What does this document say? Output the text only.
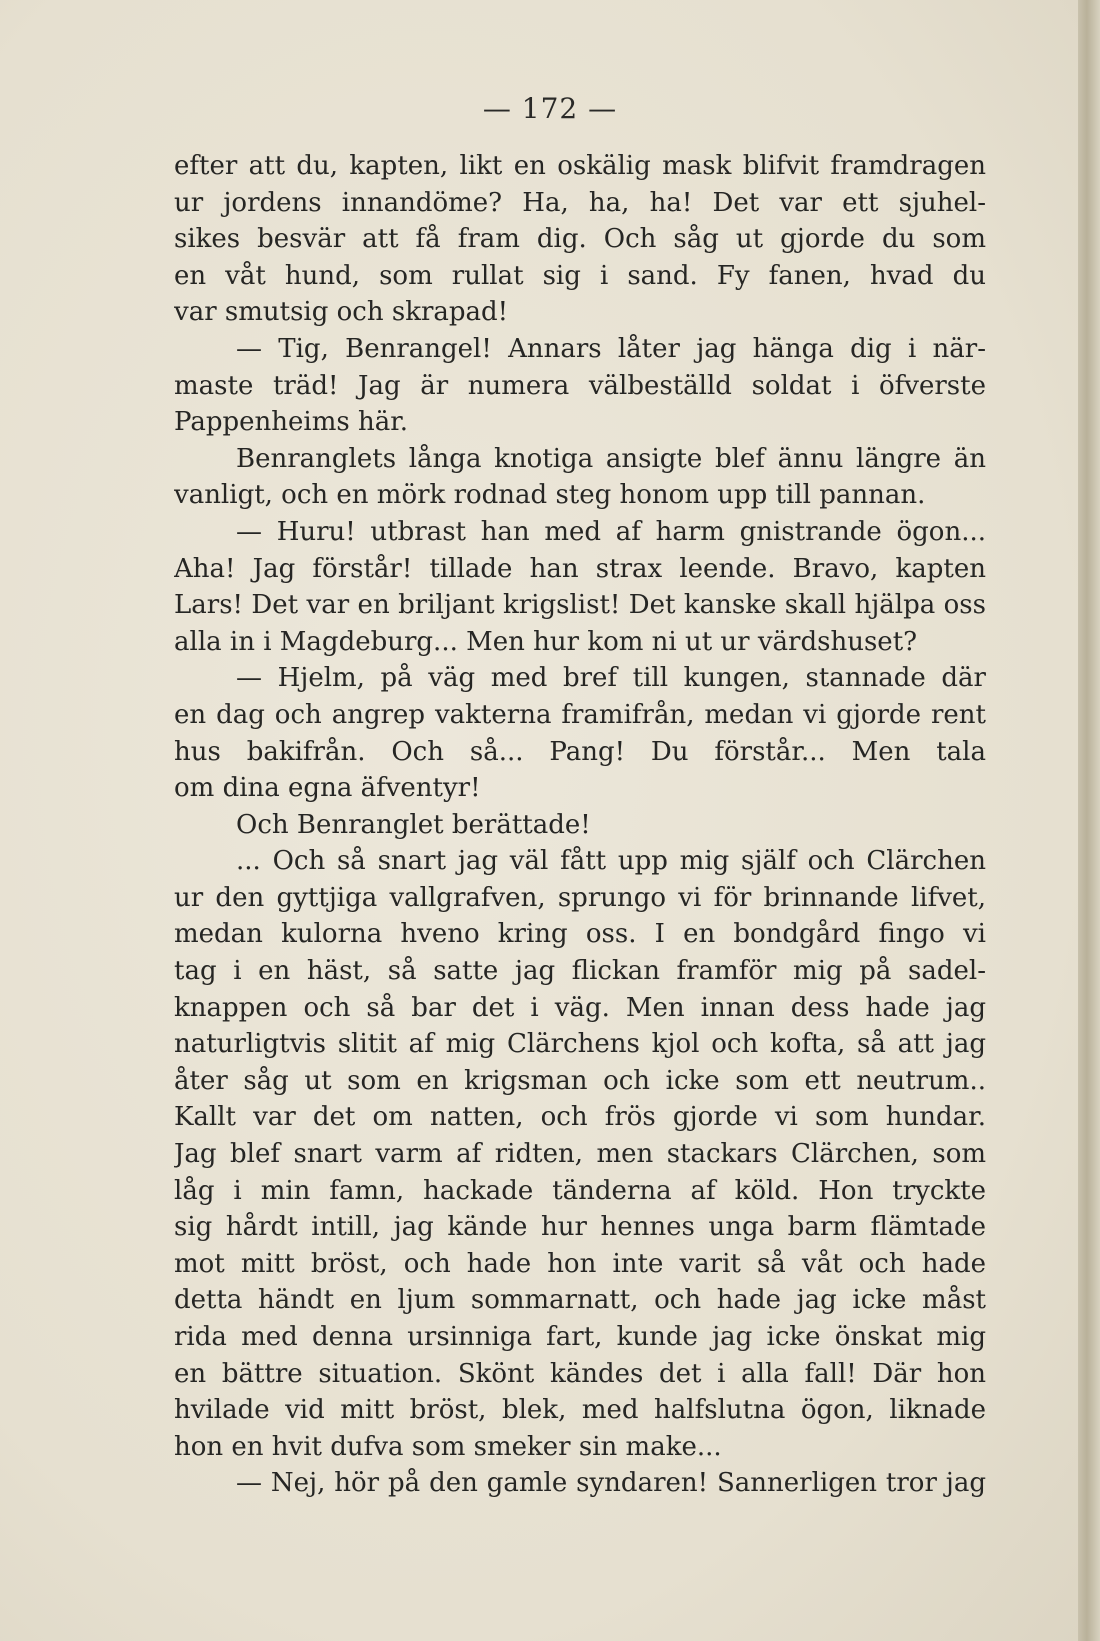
— 172 —
efter att du, kapten, likt en oskälig mask blifvit framdragen
ur jordens innandöme? Ha, ha, ha! Det var ett sjuhel-
sikes besvär att få fram dig. Och såg ut gjorde du som
en våt hund, som rullat sig i sand. Fy fanen, hvad du
var smutsig och skrapad!
— Tig, Benrangel! Annars låter jag hänga dig i när-
maste träd! Jag är numera välbeställd soldat i öfverste
Pappenheims här.
Benranglets långa knotiga ansigte blef ännu längre än
vanligt, och en mörk rodnad steg honom upp till pannan.
— Huru! utbrast han med af harm gnistrande ögon...
Aha! Jag förstår! tillade han strax leende. Bravo, kapten
Lars! Det var en briljant krigslist! Det kanske skall hjälpa oss
alla in i Magdeburg... Men hur kom ni ut ur värdshuset?
— Hjelm, på väg med bref till kungen, stannade där
en dag och angrep vakterna framifrån, medan vi gjorde rent
hus bakifrån. Och så... Pang! Du förstår... Men tala
om dina egna äfventyr!
Och Benranglet berättade!
... Och så snart jag väl fått upp mig själf och Clärchen
ur den gyttjiga vallgrafven, sprungo vi för brinnande lifvet,
medan kulorna hveno kring oss. I en bondgård fingo vi
tag i en häst, så satte jag flickan framför mig på sadel-
knappen och så bar det i väg. Men innan dess hade jag
naturligtvis slitit af mig Clärchens kjol och kofta, så att jag
åter såg ut som en krigsman och icke som ett neutrum..
Kallt var det om natten, och frös gjorde vi som hundar.
Jag blef snart varm af ridten, men stackars Clärchen, som
låg i min famn, hackade tänderna af köld. Hon tryckte
sig hårdt intill, jag kände hur hennes unga barm flämtade
mot mitt bröst, och hade hon inte varit så våt och hade
detta händt en ljum sommarnatt, och hade jag icke måst
rida med denna ursinniga fart, kunde jag icke önskat mig
en bättre situation. Skönt kändes det i alla fall! Där hon
hvilade vid mitt bröst, blek, med halfslutna ögon, liknade
hon en hvit dufva som smeker sin make...
— Nej, hör på den gamle syndaren! Sannerligen tror jag
